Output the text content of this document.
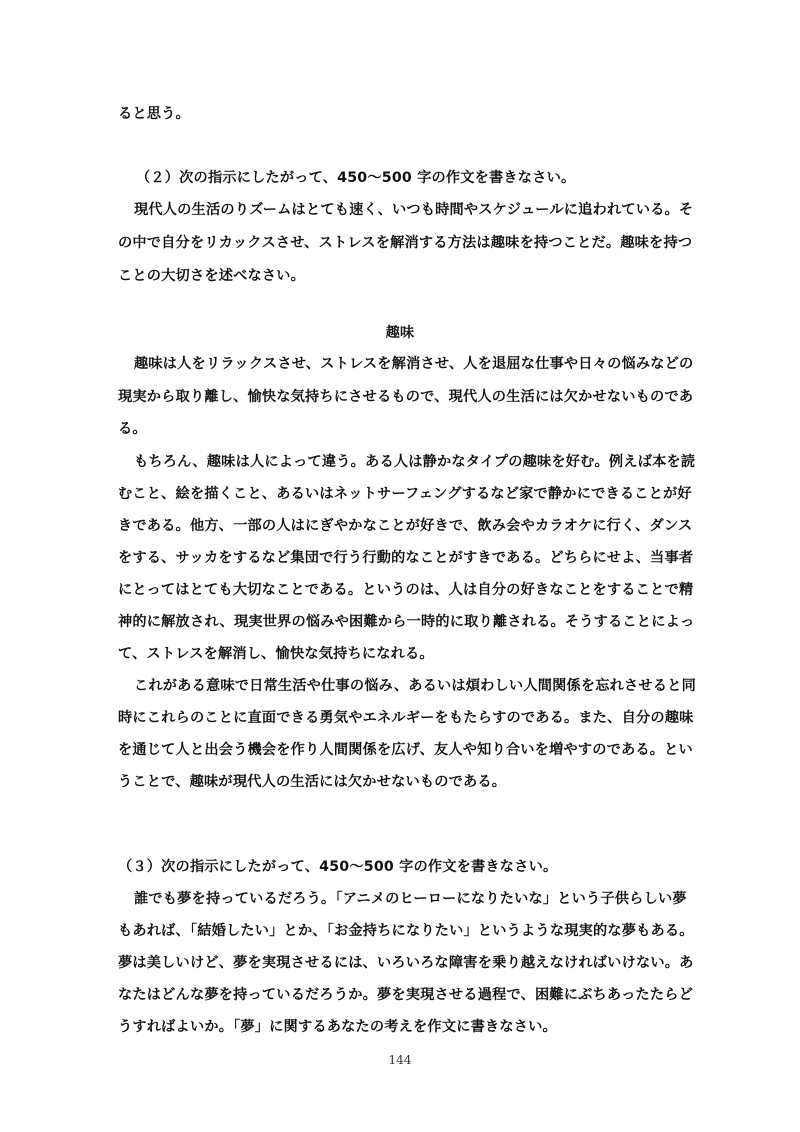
ると思う。
（２）次の指示にしたがって、450～500 字の作文を書きなさい。
現代人の生活のりズームはとても速く、いつも時間やスケジュールに追われている。そ
の中で自分をリカックスさせ、ストレスを解消する方法は趣味を持つことだ。趣味を持つ
ことの大切さを述べなさい。
趣味
趣味は人をリラックスさせ、ストレスを解消させ、人を退屈な仕事や日々の悩みなどの
現実から取り離し、愉快な気持ちにさせるもので、現代人の生活には欠かせないものであ
る。
もちろん、趣味は人によって違う。ある人は静かなタイプの趣味を好む。例えば本を読
むこと、絵を描くこと、あるいはネットサーフェングするなど家で静かにできることが好
きである。他方、一部の人はにぎやかなことが好きで、飲み会やカラオケに行く、ダンス
をする、サッカをするなど集団で行う行動的なことがすきである。どちらにせよ、当事者
にとってはとても大切なことである。というのは、人は自分の好きなことをすることで精
神的に解放され、現実世界の悩みや困難から一時的に取り離される。そうすることによっ
て、ストレスを解消し、愉快な気持ちになれる。
これがある意味で日常生活や仕事の悩み、あるいは煩わしい人間関係を忘れさせると同
時にこれらのことに直面できる勇気やエネルギーをもたらすのである。また、自分の趣味
を通じて人と出会う機会を作り人間関係を広げ、友人や知り合いを増やすのである。とい
うことで、趣味が現代人の生活には欠かせないものである。
（３）次の指示にしたがって、450～500 字の作文を書きなさい。
誰でも夢を持っているだろう。「アニメのヒーローになりたいな」という子供らしい夢
もあれば、「結婚したい」とか、「お金持ちになりたい」というような現実的な夢もある。
夢は美しいけど、夢を実現させるには、いろいろな障害を乗り越えなければいけない。あ
なたはどんな夢を持っているだろうか。夢を実現させる過程で、困難にぶちあったたらど
うすればよいか。「夢」に関するあなたの考えを作文に書きなさい。
144
